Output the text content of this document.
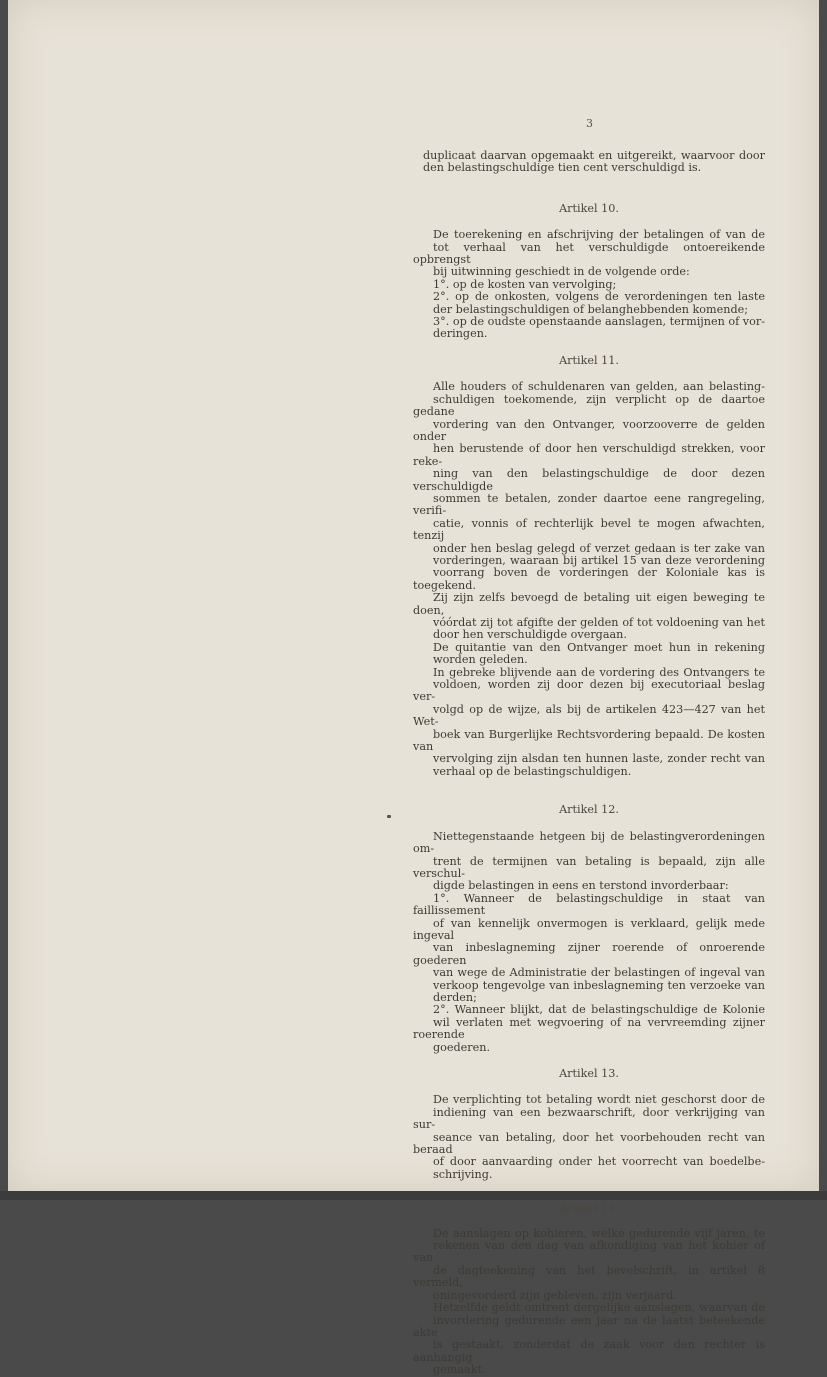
3

duplicaat daarvan opgemaakt en uitgereikt, waarvoor door
den belastingschuldige tien cent verschuldigd is.

Artikel 10.

De toerekening en afschrijving der betalingen of van de
tot verhaal van het verschuldigde ontoereikende opbrengst
bij uitwinning geschiedt in de volgende orde:

1°. op de kosten van vervolging;

2°. op de onkosten, volgens de verordeningen ten laste
der belastingschuldigen of belanghebbenden komende;

3°. op de oudste openstaande aanslagen, termijnen of vor-
deringen.

Artikel 11.

Alle houders of schuldenaren van gelden, aan belasting-
schuldigen toekomende, zijn verplicht op de daartoe gedane
vordering van den Ontvanger, voorzooverre de gelden onder
hen berustende of door hen verschuldigd strekken, voor reke-
ning van den belastingschuldige de door dezen verschuldigde
sommen te betalen, zonder daartoe eene rangregeling, verifi-
catie, vonnis of rechterlijk bevel te mogen afwachten, tenzij
onder hen beslag gelegd of verzet gedaan is ter zake van
vorderingen, waaraan bij artikel 15 van deze verordening
voorrang boven de vorderingen der Koloniale kas is toegekend.
Zij zijn zelfs bevoegd de betaling uit eigen beweging te doen,
vóórdat zij tot afgifte der gelden of tot voldoening van het
door hen verschuldigde overgaan.

De quitantie van den Ontvanger moet hun in rekening
worden geleden.

In gebreke blijvende aan de vordering des Ontvangers te
voldoen, worden zij door dezen bij executoriaal beslag ver-
volgd op de wijze, als bij de artikelen 423—427 van het Wet-
boek van Burgerlijke Rechtsvordering bepaald. De kosten van
vervolging zijn alsdan ten hunnen laste, zonder recht van
verhaal op de belastingschuldigen.

Artikel 12.

Niettegenstaande hetgeen bij de belastingverordeningen om-
trent de termijnen van betaling is bepaald, zijn alle verschul-
digde belastingen in eens en terstond invorderbaar:

1°. Wanneer de belastingschuldige in staat van faillissement
of van kennelijk onvermogen is verklaard, gelijk mede ingeval
van inbeslagneming zijner roerende of onroerende goederen
van wege de Administratie der belastingen of ingeval van
verkoop tengevolge van inbeslagneming ten verzoeke van
derden;

2°. Wanneer blijkt, dat de belastingschuldige de Kolonie
wil verlaten met wegvoering of na vervreemding zijner roerende
goederen.

Artikel 13.

De verplichting tot betaling wordt niet geschorst door de
indiening van een bezwaarschrift, door verkrijging van sur-
seance van betaling, door het voorbehouden recht van beraad
of door aanvaarding onder het voorrecht van boedelbe-
schrijving.

Artikel 14.

De aanslagen op kohieren, welke gedurende vijf jaren, te
rekenen van den dag van afkondiging van het kohier of van
de dagteekening van het bevelschrift, in artikel 8 vermeld,
oningevorderd zijn gebleven, zijn verjaard.

Hetzelfde geldt omtrent dergelijke aanslagen, waarvan de
invordering gedurende een jaar na de laatst beteekende akte
is gestaakt, zonderdat de zaak voor den rechter is aanhangig
gemaakt.
